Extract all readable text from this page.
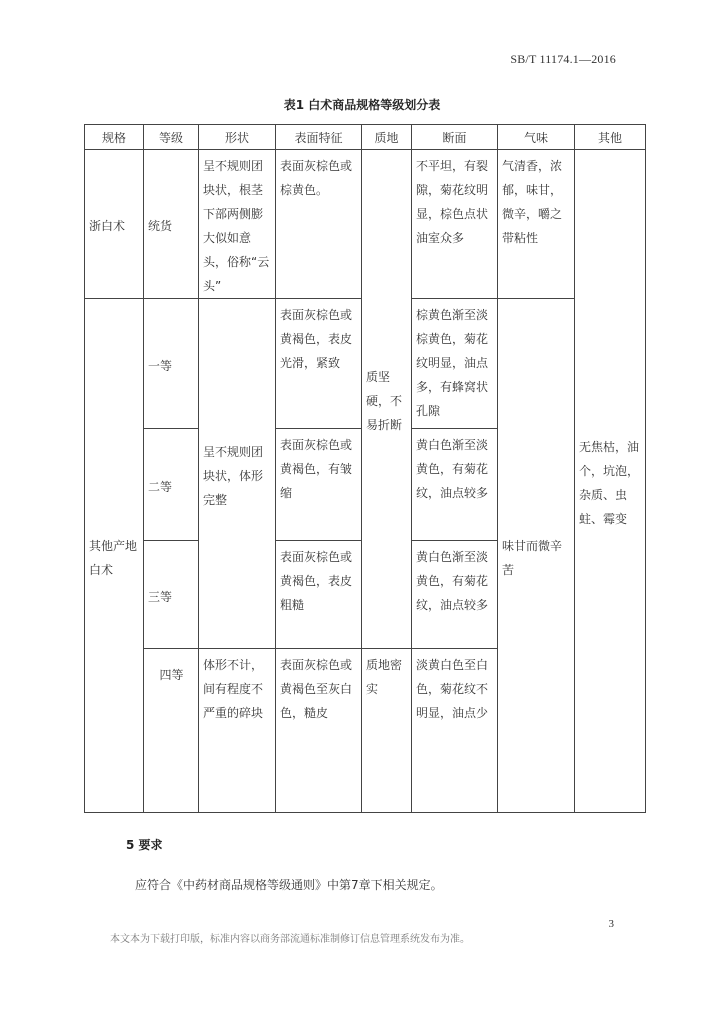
SB/T 11174.1—2016
表1 白术商品规格等级划分表
规格	等级	形状	表面特征	质地	断面	气味	其他
浙白术	统货	呈不规则团块状，根茎下部两侧膨大似如意头，俗称“云头”	表面灰棕色或棕黄色。	质坚硬，不易折断	不平坦，有裂隙，菊花纹明显，棕色点状油室众多	气清香，浓郁，味甘，微辛，嚼之带粘性	无焦枯，油个，坑泡，杂质、虫蛀、霉变
其他产地白术	一等	呈不规则团块状，体形完整	表面灰棕色或黄褐色，表皮光滑，紧致		棕黄色渐至淡棕黄色，菊花纹明显，油点多，有蜂窝状孔隙	味甘而微辛苦	
	二等		表面灰棕色或黄褐色，有皱缩		黄白色渐至淡黄色，有菊花纹，油点较多		
	三等		表面灰棕色或黄褐色，表皮粗糙		黄白色渐至淡黄色，有菊花纹，油点较多		
	四等	体形不计，间有程度不严重的碎块	表面灰棕色或黄褐色至灰白色，糙皮	质地密实	淡黄白色至白色，菊花纹不明显，油点少		
5 要求
应符合《中药材商品规格等级通则》中第7章下相关规定。
3
本文本为下载打印版，标准内容以商务部流通标准制修订信息管理系统发布为准。
